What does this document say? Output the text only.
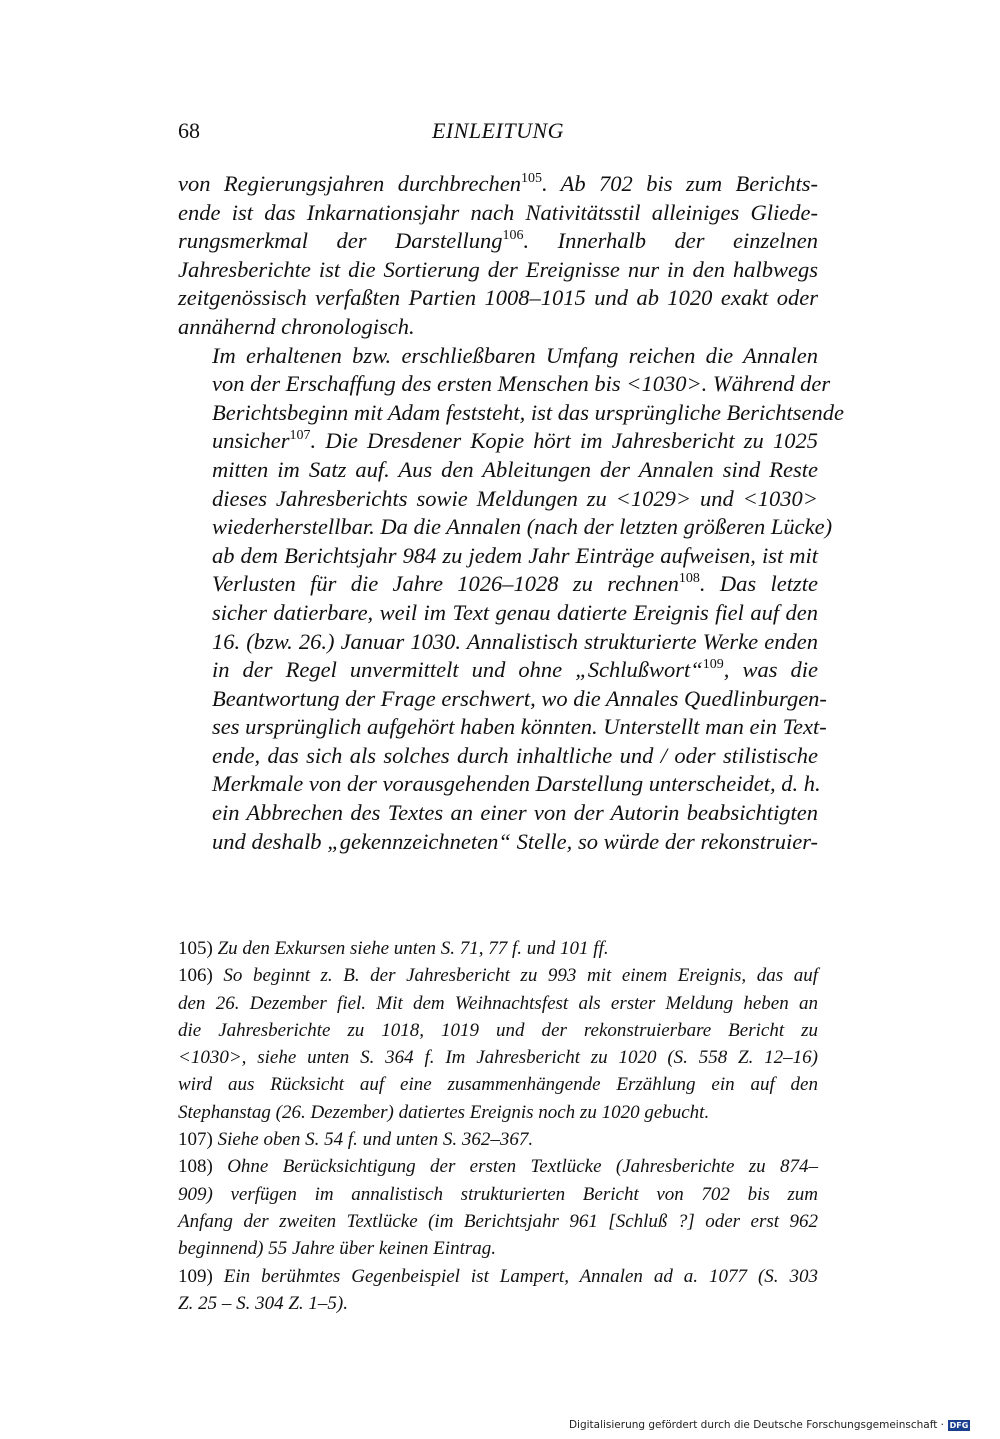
68	EINLEITUNG

von Regierungsjahren durchbrechen$^{105}$. Ab 702 bis zum Berichts-
ende ist das Inkarnationsjahr nach Nativitätsstil alleiniges Gliede-
rungsmerkmal der Darstellung$^{106}$. Innerhalb der einzelnen
Jahresberichte ist die Sortierung der Ereignisse nur in den halbwegs
zeitgenössisch verfaßten Partien 1008–1015 und ab 1020 exakt oder
annähernd chronologisch.

Im erhaltenen bzw. erschließbaren Umfang reichen die Annalen
von der Erschaffung des ersten Menschen bis <1030>. Während der
Berichtsbeginn mit Adam feststeht, ist das ursprüngliche Berichtsende
unsicher$^{107}$. Die Dresdener Kopie hört im Jahresbericht zu 1025
mitten im Satz auf. Aus den Ableitungen der Annalen sind Reste
dieses Jahresberichts sowie Meldungen zu <1029> und <1030>
wiederherstellbar. Da die Annalen (nach der letzten größeren Lücke)
ab dem Berichtsjahr 984 zu jedem Jahr Einträge aufweisen, ist mit
Verlusten für die Jahre 1026–1028 zu rechnen$^{108}$. Das letzte
sicher datierbare, weil im Text genau datierte Ereignis fiel auf den
16. (bzw. 26.) Januar 1030. Annalistisch strukturierte Werke enden
in der Regel unvermittelt und ohne „Schlußwort“$^{109}$, was die
Beantwortung der Frage erschwert, wo die Annales Quedlinburgen-
ses ursprünglich aufgehört haben könnten. Unterstellt man ein Text-
ende, das sich als solches durch inhaltliche und / oder stilistische
Merkmale von der vorausgehenden Darstellung unterscheidet, d. h.
ein Abbrechen des Textes an einer von der Autorin beabsichtigten
und deshalb „gekennzeichneten“ Stelle, so würde der rekonstruier-

105) Zu den Exkursen siehe unten S. 71, 77 f. und 101 ff.

106) So beginnt z. B. der Jahresbericht zu 993 mit einem Ereignis, das auf
den 26. Dezember fiel. Mit dem Weihnachtsfest als erster Meldung heben an
die Jahresberichte zu 1018, 1019 und der rekonstruierbare Bericht zu
<1030>, siehe unten S. 364 f. Im Jahresbericht zu 1020 (S. 558 Z. 12–16)
wird aus Rücksicht auf eine zusammenhängende Erzählung ein auf den
Stephanstag (26. Dezember) datiertes Ereignis noch zu 1020 gebucht.

107) Siehe oben S. 54 f. und unten S. 362–367.

108) Ohne Berücksichtigung der ersten Textlücke (Jahresberichte zu 874–
909) verfügen im annalistisch strukturierten Bericht von 702 bis zum
Anfang der zweiten Textlücke (im Berichtsjahr 961 [Schluß ?] oder erst 962
beginnend) 55 Jahre über keinen Eintrag.

109) Ein berühmtes Gegenbeispiel ist Lampert, Annalen ad a. 1077 (S. 303
Z. 25 – S. 304 Z. 1–5).

Digitalisierung gefördert durch die Deutsche Forschungsgemeinschaft · DFG
